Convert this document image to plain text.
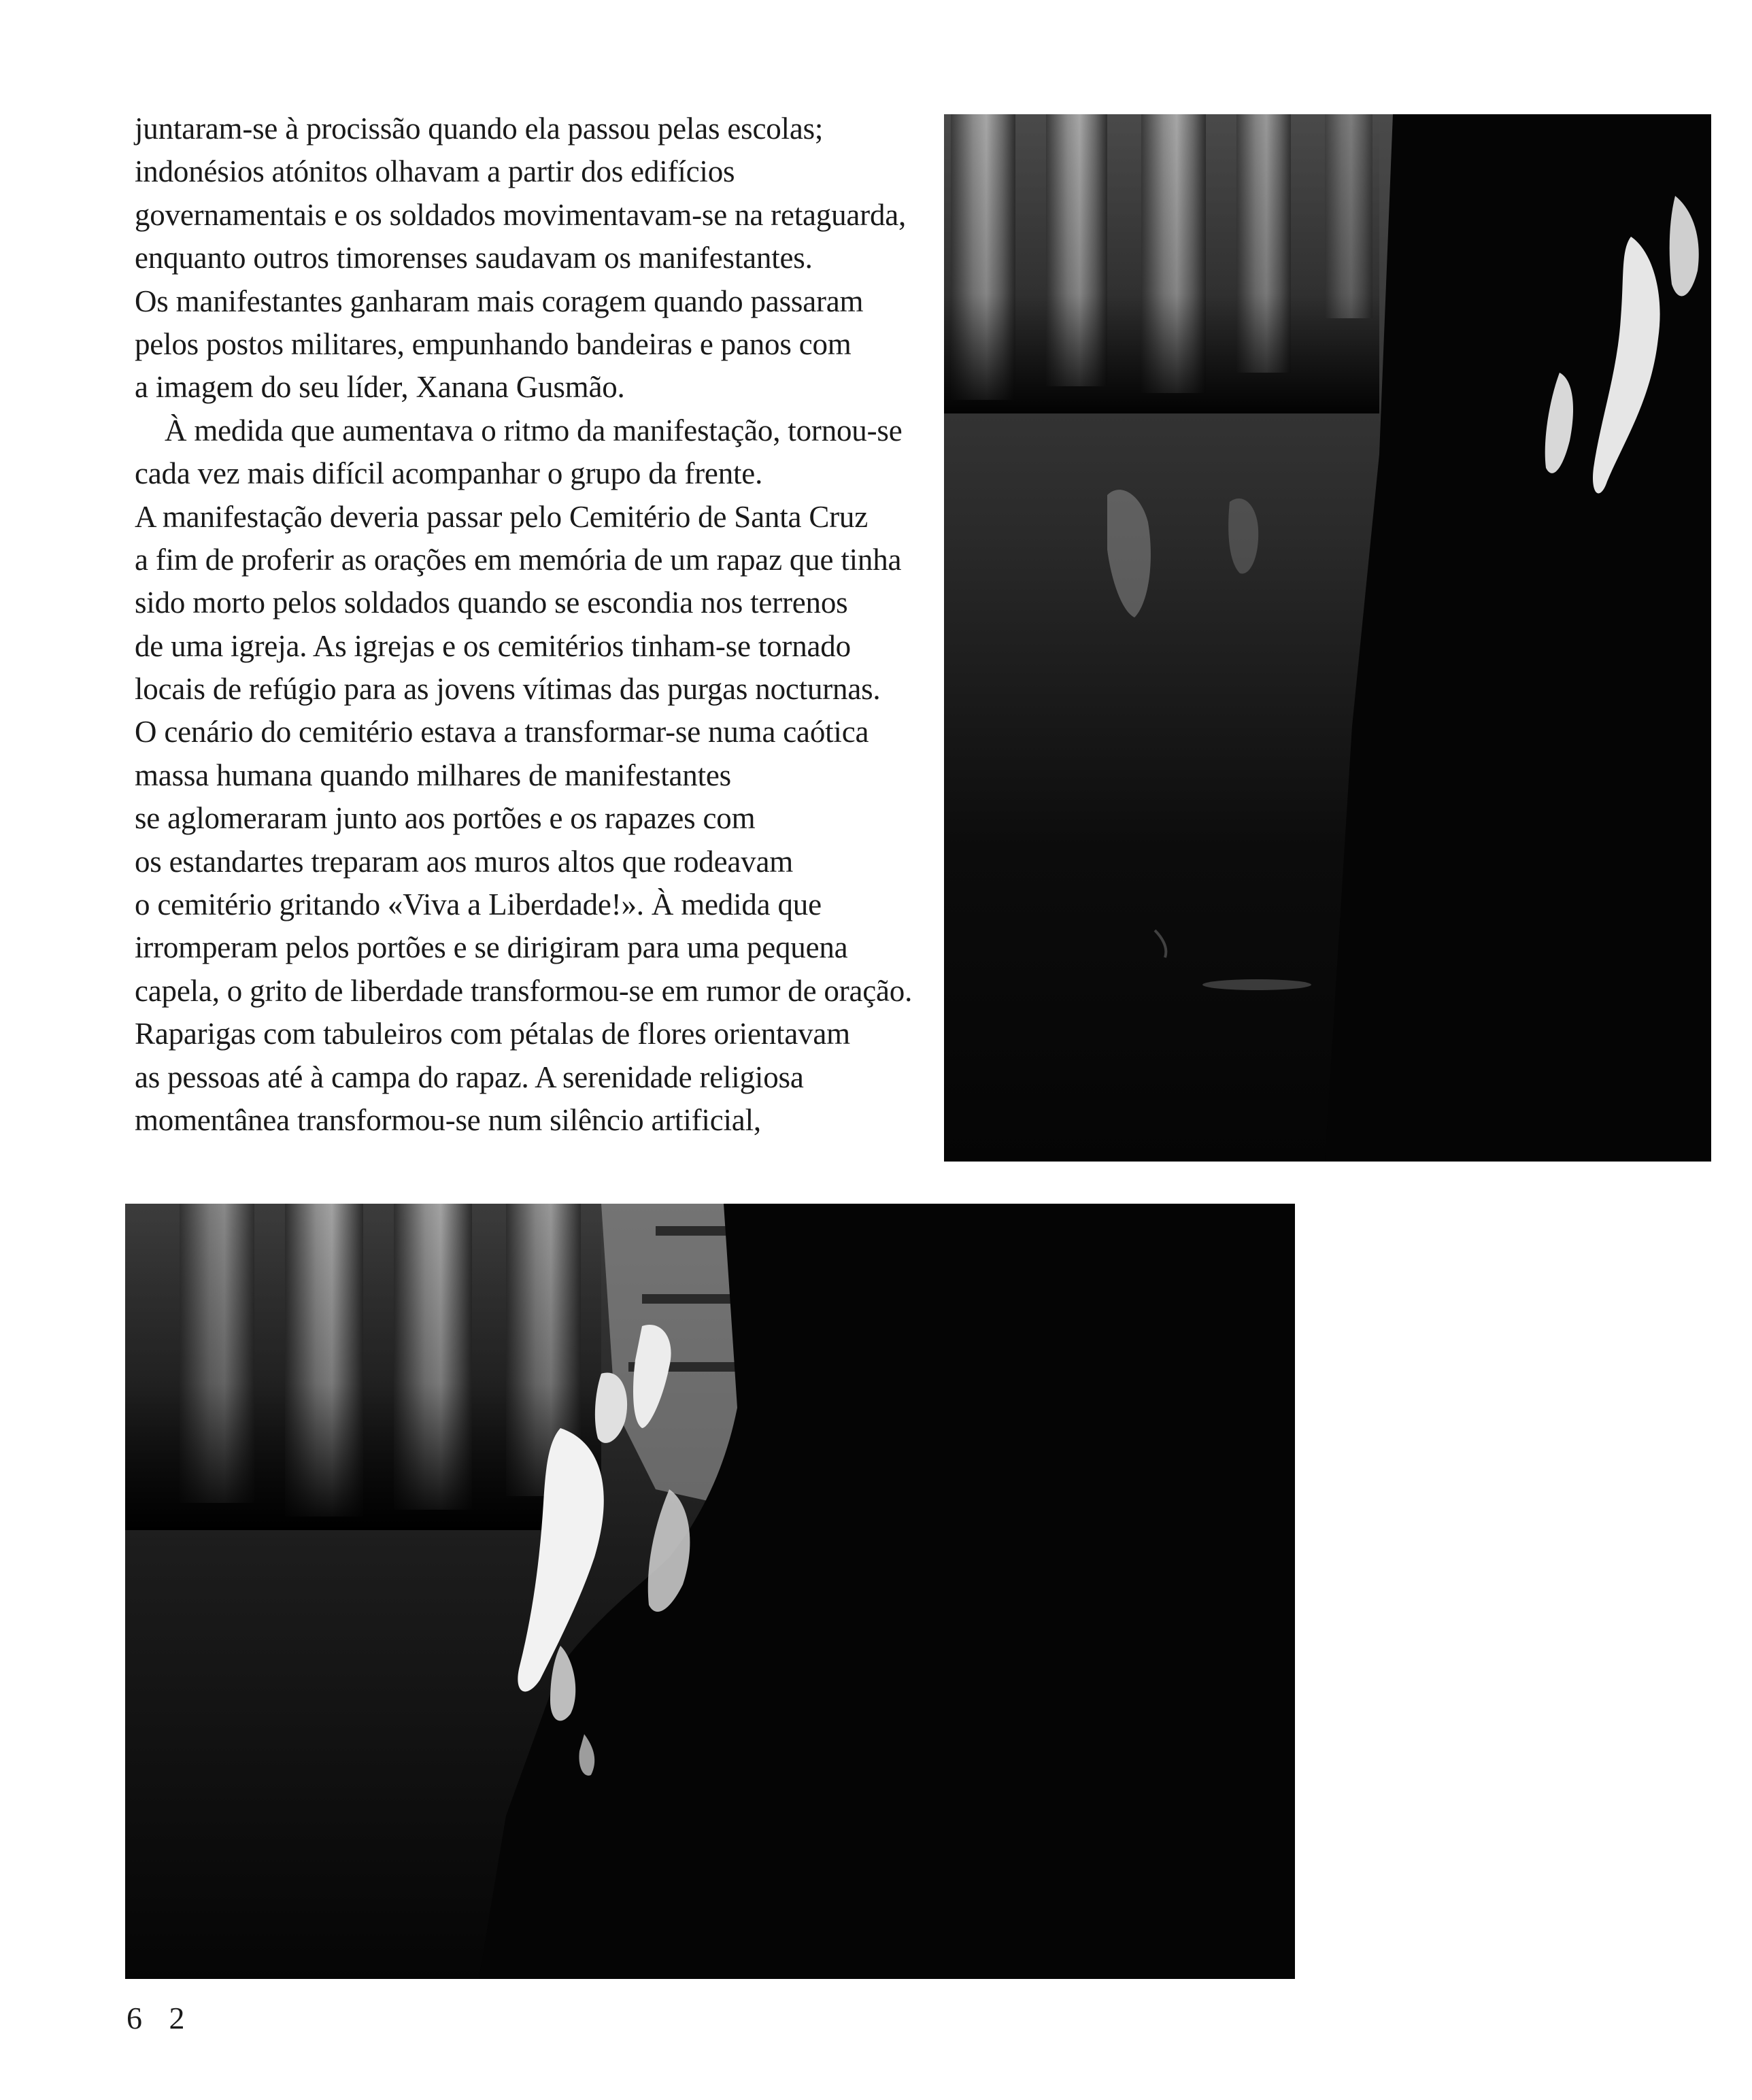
juntaram-se à procissão quando ela passou pelas escolas;
indonésios atónitos olhavam a partir dos edifícios
governamentais e os soldados movimentavam-se na retaguarda,
enquanto outros timorenses saudavam os manifestantes.
Os manifestantes ganharam mais coragem quando passaram
pelos postos militares, empunhando bandeiras e panos com
a imagem do seu líder, Xanana Gusmão.
À medida que aumentava o ritmo da manifestação, tornou-se
cada vez mais difícil acompanhar o grupo da frente.
A manifestação deveria passar pelo Cemitério de Santa Cruz
a fim de proferir as orações em memória de um rapaz que tinha
sido morto pelos soldados quando se escondia nos terrenos
de uma igreja. As igrejas e os cemitérios tinham-se tornado
locais de refúgio para as jovens vítimas das purgas nocturnas.
O cenário do cemitério estava a transformar-se numa caótica
massa humana quando milhares de manifestantes
se aglomeraram junto aos portões e os rapazes com
os estandartes treparam aos muros altos que rodeavam
o cemitério gritando «Viva a Liberdade!». À medida que
irromperam pelos portões e se dirigiram para uma pequena
capela, o grito de liberdade transformou-se em rumor de oração.
Raparigas com tabuleiros com pétalas de flores orientavam
as pessoas até à campa do rapaz. A serenidade religiosa
momentânea transformou-se num silêncio artificial,
6 2
